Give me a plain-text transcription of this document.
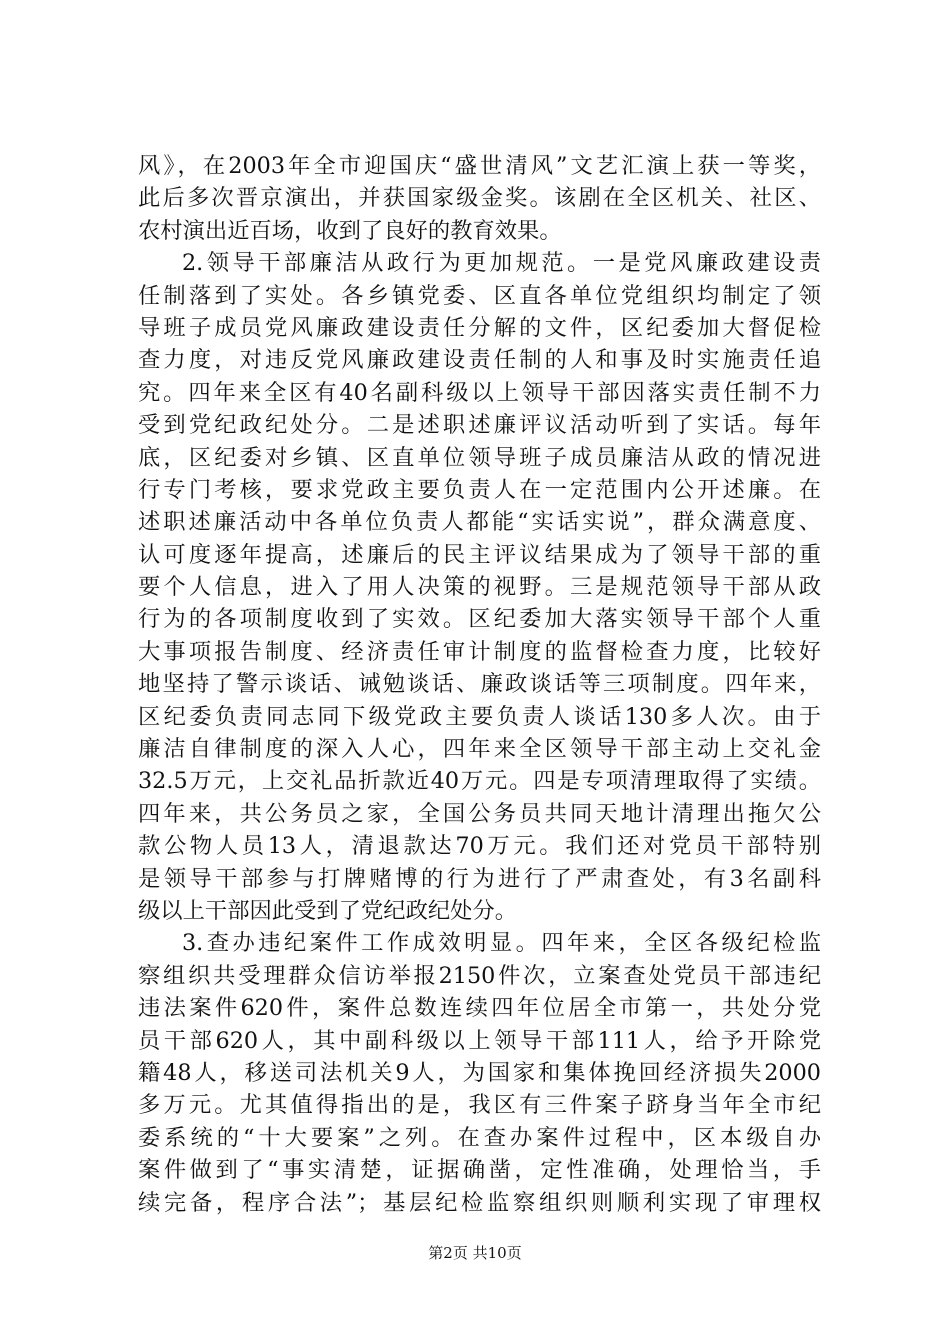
风》，在2003年全市迎国庆“盛世清风”文艺汇演上获一等奖，
此后多次晋京演出，并获国家级金奖。该剧在全区机关、社区、
农村演出近百场，收到了良好的教育效果。
2.领导干部廉洁从政行为更加规范。一是党风廉政建设责
任制落到了实处。各乡镇党委、区直各单位党组织均制定了领
导班子成员党风廉政建设责任分解的文件，区纪委加大督促检
查力度，对违反党风廉政建设责任制的人和事及时实施责任追
究。四年来全区有40名副科级以上领导干部因落实责任制不力
受到党纪政纪处分。二是述职述廉评议活动听到了实话。每年
底，区纪委对乡镇、区直单位领导班子成员廉洁从政的情况进
行专门考核，要求党政主要负责人在一定范围内公开述廉。在
述职述廉活动中各单位负责人都能“实话实说”，群众满意度、
认可度逐年提高，述廉后的民主评议结果成为了领导干部的重
要个人信息，进入了用人决策的视野。三是规范领导干部从政
行为的各项制度收到了实效。区纪委加大落实领导干部个人重
大事项报告制度、经济责任审计制度的监督检查力度，比较好
地坚持了警示谈话、诫勉谈话、廉政谈话等三项制度。四年来，
区纪委负责同志同下级党政主要负责人谈话130多人次。由于
廉洁自律制度的深入人心，四年来全区领导干部主动上交礼金
32.5万元，上交礼品折款近40万元。四是专项清理取得了实绩。
四年来，共公务员之家，全国公务员共同天地计清理出拖欠公
款公物人员13人，清退款达70万元。我们还对党员干部特别
是领导干部参与打牌赌博的行为进行了严肃查处，有3名副科
级以上干部因此受到了党纪政纪处分。
3.查办违纪案件工作成效明显。四年来，全区各级纪检监
察组织共受理群众信访举报2150件次，立案查处党员干部违纪
违法案件620件，案件总数连续四年位居全市第一，共处分党
员干部620人，其中副科级以上领导干部111人，给予开除党
籍48人，移送司法机关9人，为国家和集体挽回经济损失2000
多万元。尤其值得指出的是，我区有三件案子跻身当年全市纪
委系统的“十大要案”之列。在查办案件过程中，区本级自办
案件做到了“事实清楚，证据确凿，定性准确，处理恰当，手
续完备，程序合法”；基层纪检监察组织则顺利实现了审理权
第2页 共10页
